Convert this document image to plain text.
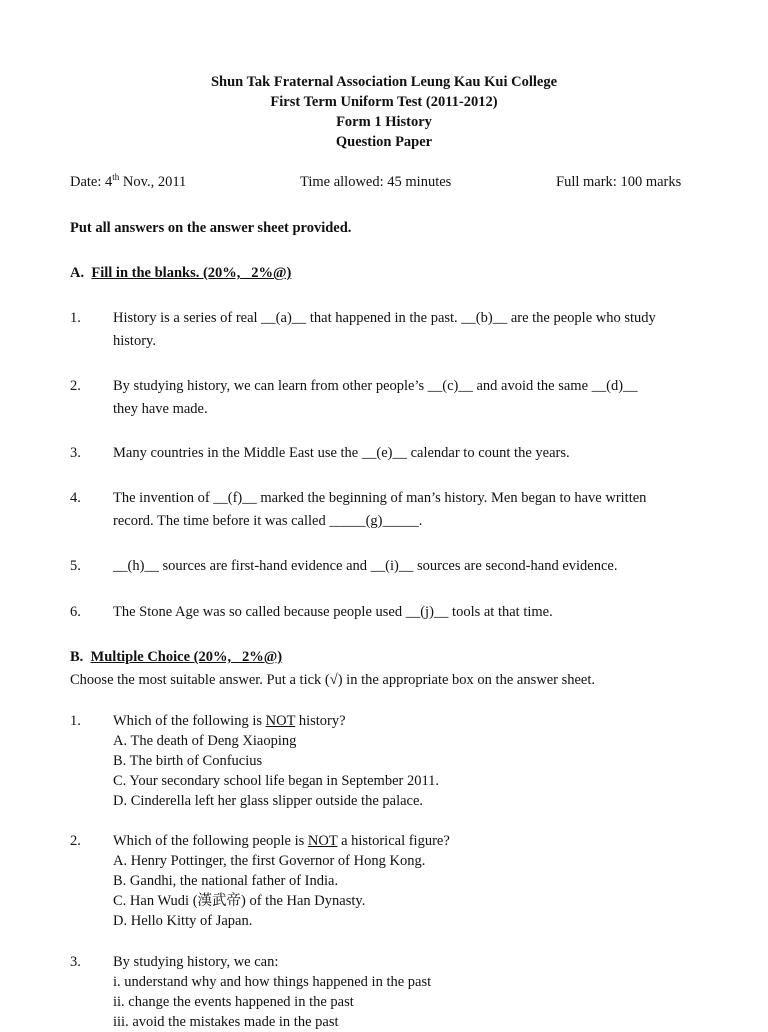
Shun Tak Fraternal Association Leung Kau Kui College
First Term Uniform Test (2011-2012)
Form 1 History
Question Paper
Date: 4th Nov., 2011	Time allowed: 45 minutes	Full mark: 100 marks
Put all answers on the answer sheet provided.
A. Fill in the blanks. (20%, _2%@)
1. History is a series of real __(a)__ that happened in the past. __(b)__ are the people who study
history.
2. By studying history, we can learn from other people’s __(c)__ and avoid the same __(d)__
they have made.
3. Many countries in the Middle East use the __(e)__ calendar to count the years.
4. The invention of __(f)__ marked the beginning of man’s history. Men began to have written
record. The time before it was called _____(g)_____.
5. __(h)__ sources are first-hand evidence and __(i)__ sources are second-hand evidence.
6. The Stone Age was so called because people used __(j)__ tools at that time.
B. Multiple Choice (20%,   2%@)
Choose the most suitable answer. Put a tick (√) in the appropriate box on the answer sheet.
1. Which of the following is NOT history?
A. The death of Deng Xiaoping
B. The birth of Confucius
C. Your secondary school life began in September 2011.
D. Cinderella left her glass slipper outside the palace.
2. Which of the following people is NOT a historical figure?
A. Henry Pottinger, the first Governor of Hong Kong.
B. Gandhi, the national father of India.
C. Han Wudi (漢武帝) of the Han Dynasty.
D. Hello Kitty of Japan.
3. By studying history, we can:
i. understand why and how things happened in the past
ii. change the events happened in the past
iii. avoid the mistakes made in the past
